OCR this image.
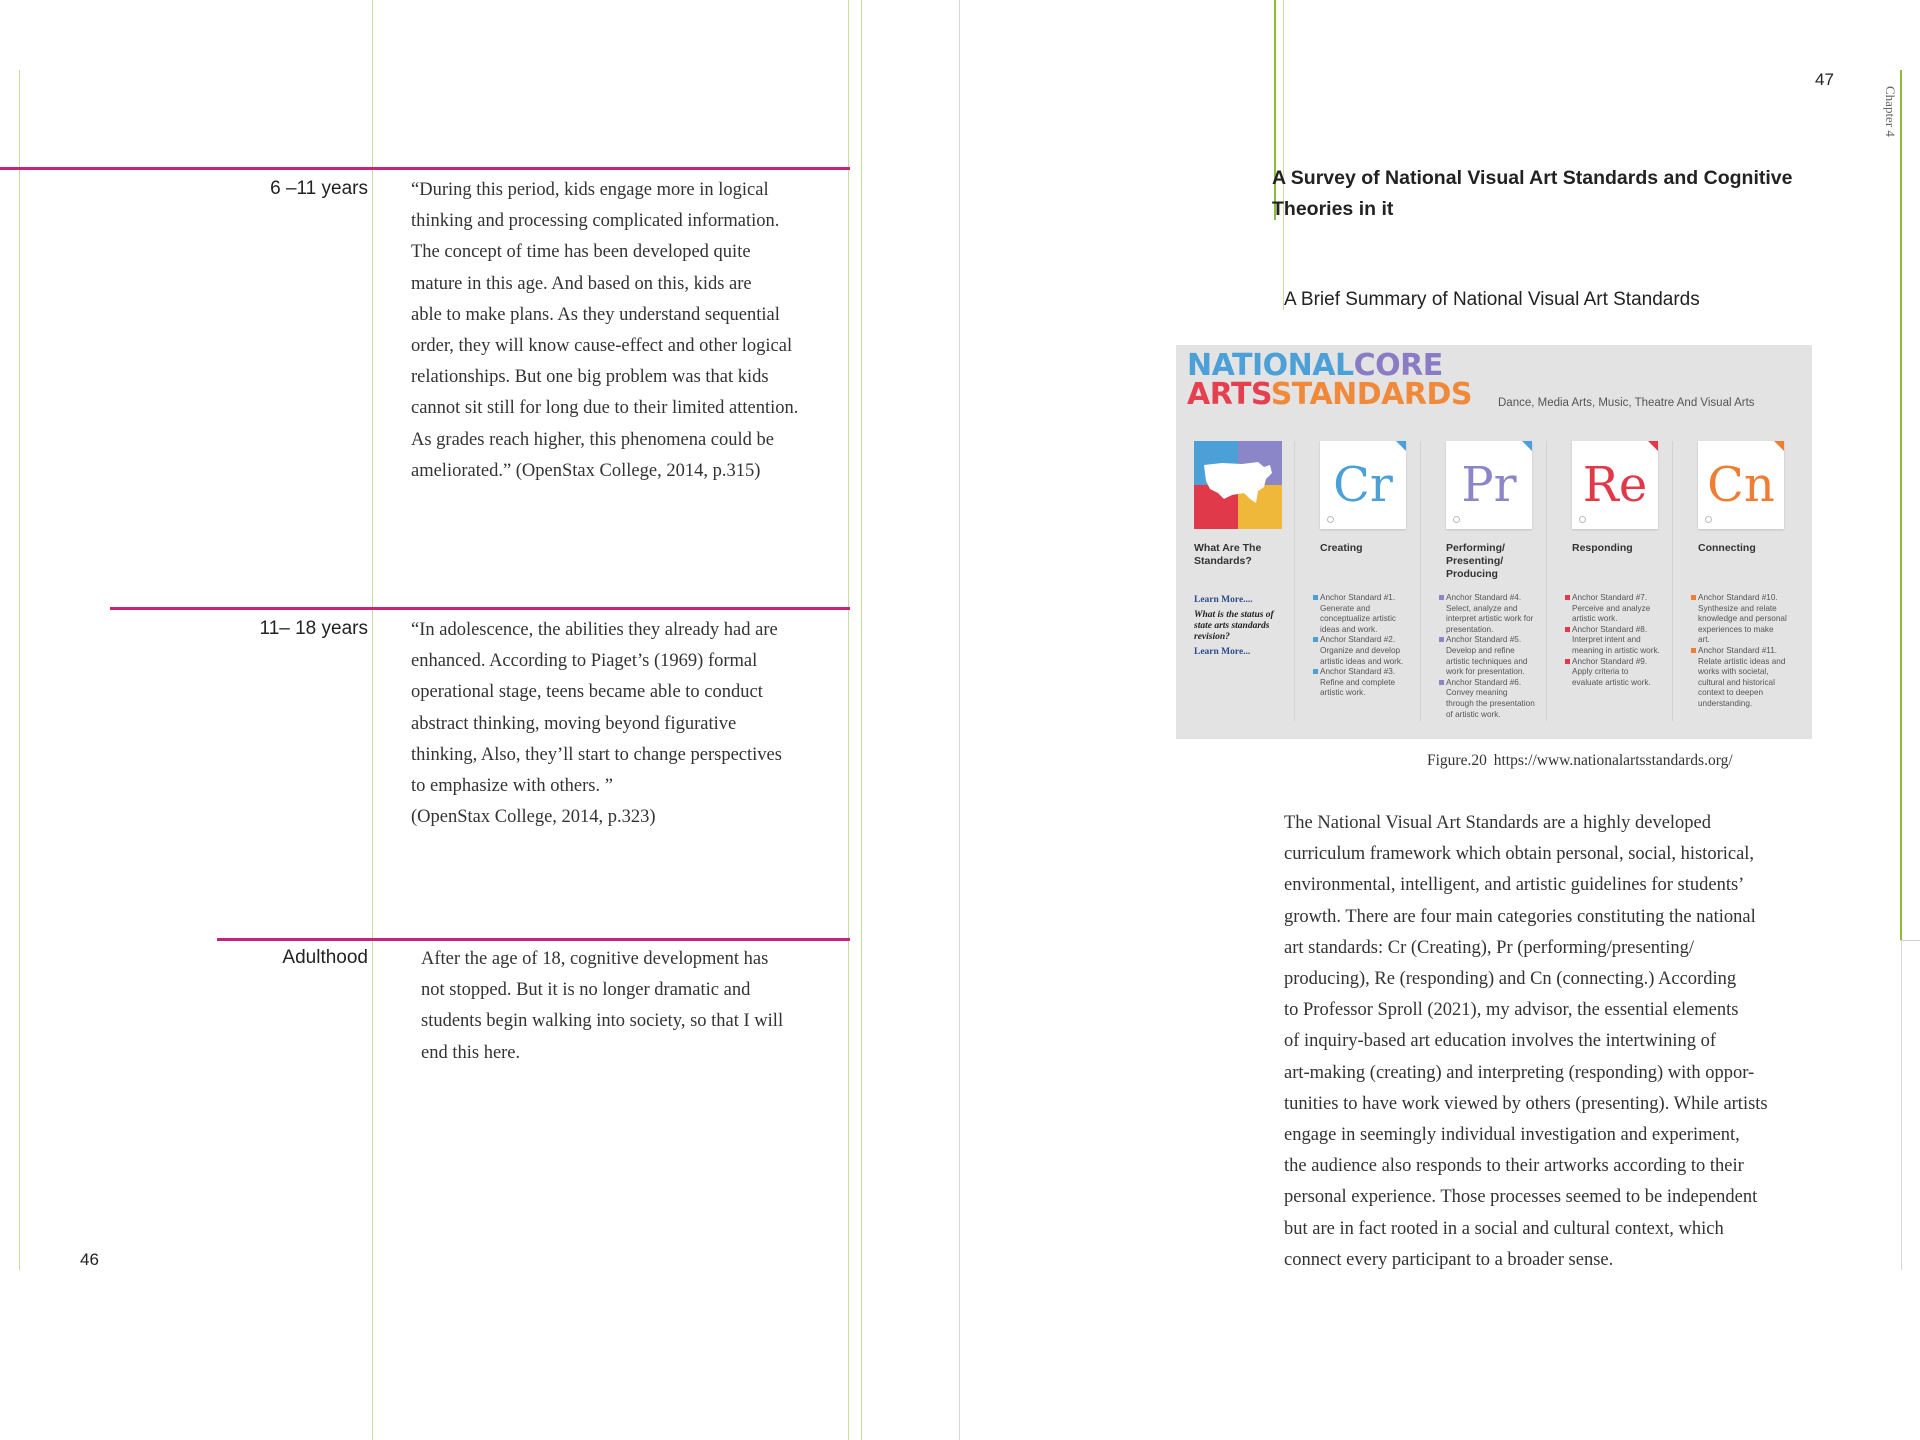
6 –11 years “During this period, kids engage more in logical
thinking and processing complicated information.
The concept of time has been developed quite
mature in this age. And based on this, kids are
able to make plans. As they understand sequential
order, they will know cause-effect and other logical
relationships. But one big problem was that kids
cannot sit still for long due to their limited attention.
As grades reach higher, this phenomena could be
ameliorated.” (OpenStax College, 2014, p.315)
11– 18 years “In adolescence, the abilities they already had are
enhanced. According to Piaget’s (1969) formal
operational stage, teens became able to conduct
abstract thinking, moving beyond figurative
thinking, Also, they’ll start to change perspectives
to emphasize with others. ”
(OpenStax College, 2014, p.323)
Adulthood	After the age of 18, cognitive development has
not stopped. But it is no longer dramatic and
students begin walking into society, so that I will
end this here.
46
47
Chapter 4
A Survey of National Visual Art Standards and Cognitive
Theories in it
A Brief Summary of National Visual Art Standards
NATIONALCORE
ARTSSTANDARDS Dance, Media Arts, Music, Theatre And Visual Arts
What Are The
Standards?
Learn More....
What is the status of state arts standards revision?
Learn More...
Cr
Creating
Anchor Standard #1. Generate and conceptualize artistic ideas and work.
Anchor Standard #2. Organize and develop artistic ideas and work.
Anchor Standard #3. Refine and complete artistic work.
Pr
Performing/
Presenting/
Producing
Anchor Standard #4. Select, analyze and interpret artistic work for presentation.
Anchor Standard #5. Develop and refine artistic techniques and work for presentation.
Anchor Standard #6. Convey meaning through the presentation of artistic work.
Re
Responding
Anchor Standard #7. Perceive and analyze artistic work.
Anchor Standard #8. Interpret intent and meaning in artistic work.
Anchor Standard #9. Apply criteria to evaluate artistic work.
Cn
Connecting
Anchor Standard #10. Synthesize and relate knowledge and personal experiences to make art.
Anchor Standard #11. Relate artistic ideas and works with societal, cultural and historical context to deepen understanding.
Figure.20 https://www.nationalartsstandards.org/
The National Visual Art Standards are a highly developed
curriculum framework which obtain personal, social, historical,
environmental, intelligent, and artistic guidelines for students’
growth. There are four main categories constituting the national
art standards: Cr (Creating), Pr (performing/presenting/
producing), Re (responding) and Cn (connecting.) According
to Professor Sproll (2021), my advisor, the essential elements
of inquiry-based art education involves the intertwining of
art-making (creating) and interpreting (responding) with oppor-
tunities to have work viewed by others (presenting). While artists
engage in seemingly individual investigation and experiment,
the audience also responds to their artworks according to their
personal experience. Those processes seemed to be independent
but are in fact rooted in a social and cultural context, which
connect every participant to a broader sense.
